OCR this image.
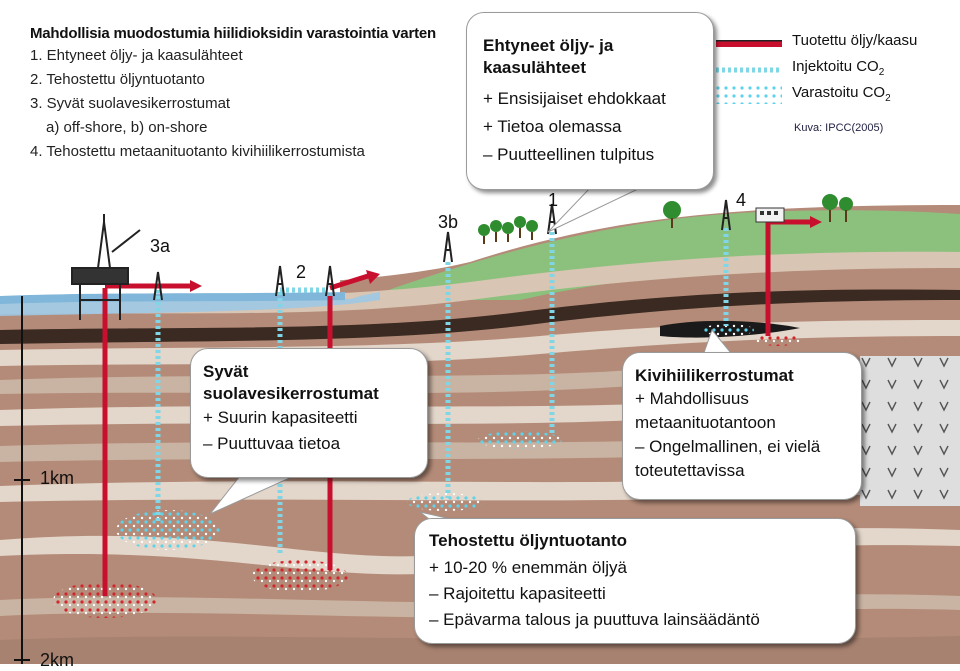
Mahdollisia muodostumia hiilidioksidin varastointia varten
1. Ehtyneet öljy- ja kaasulähteet
2. Tehostettu öljyntuotanto
3. Syvät suolavesikerrostumat
a) off-shore, b) on-shore
4. Tehostettu metaanituotanto kivihiilikerrostumista
Tuotettu öljy/kaasu
Injektoitu $CO_2$
Varastoitu $CO_2$
Kuva: IPCC(2005)
3a
2
3b
1	4
1km
2km
Ehtyneet öljy- ja kaasulähteet
+ Ensisijaiset ehdokkaat
+ Tietoa olemassa
– Puutteellinen tulpitus
Syvät suolavesikerrostumat
+ Suurin kapasiteetti
– Puuttuvaa tietoa
Kivihiilikerrostumat
+ Mahdollisuus metaanituotantoon
– Ongelmallinen, ei vielä toteutettavissa
Tehostettu öljyntuotanto
+ 10-20 % enemmän öljyä
– Rajoitettu kapasiteetti
– Epävarma talous ja puuttuva lainsäädäntö
